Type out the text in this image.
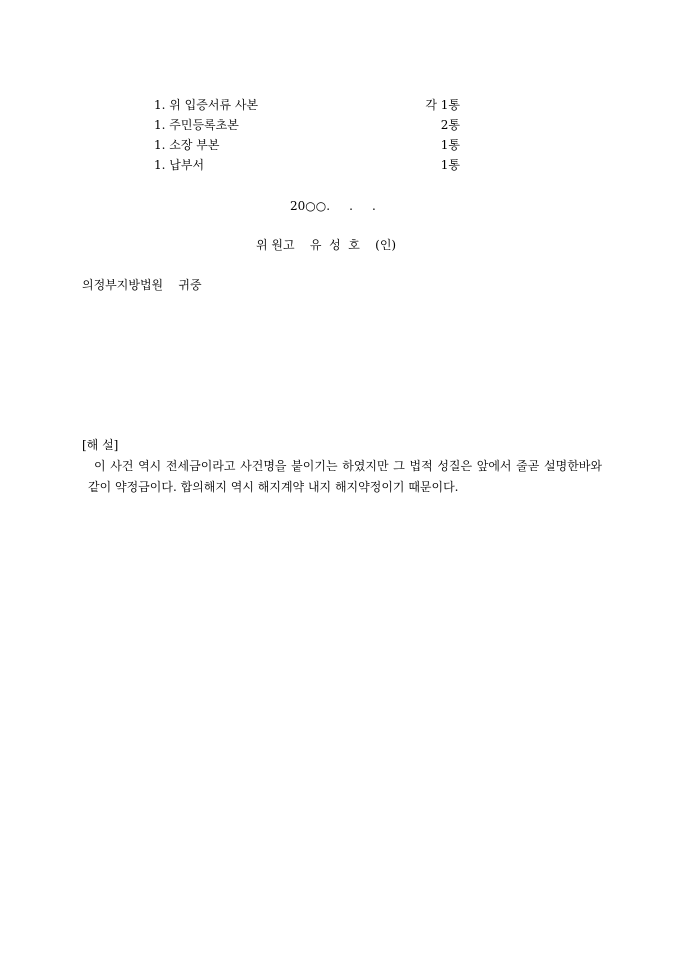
1. 위 입증서류 사본	각 1통
1. 주민등록초본	2통
1. 소장 부본	1통
1. 납부서	1통
20○○.     .     .
위 원고    유  성  호    (인)
의정부지방법원    귀중
[해 설]
이 사건 역시 전세금이라고 사건명을 붙이기는 하였지만 그 법적 성질은 앞에서 줄곧 설명한바와 같이 약정금이다. 합의해지 역시 해지계약 내지 해지약정이기 때문이다.
